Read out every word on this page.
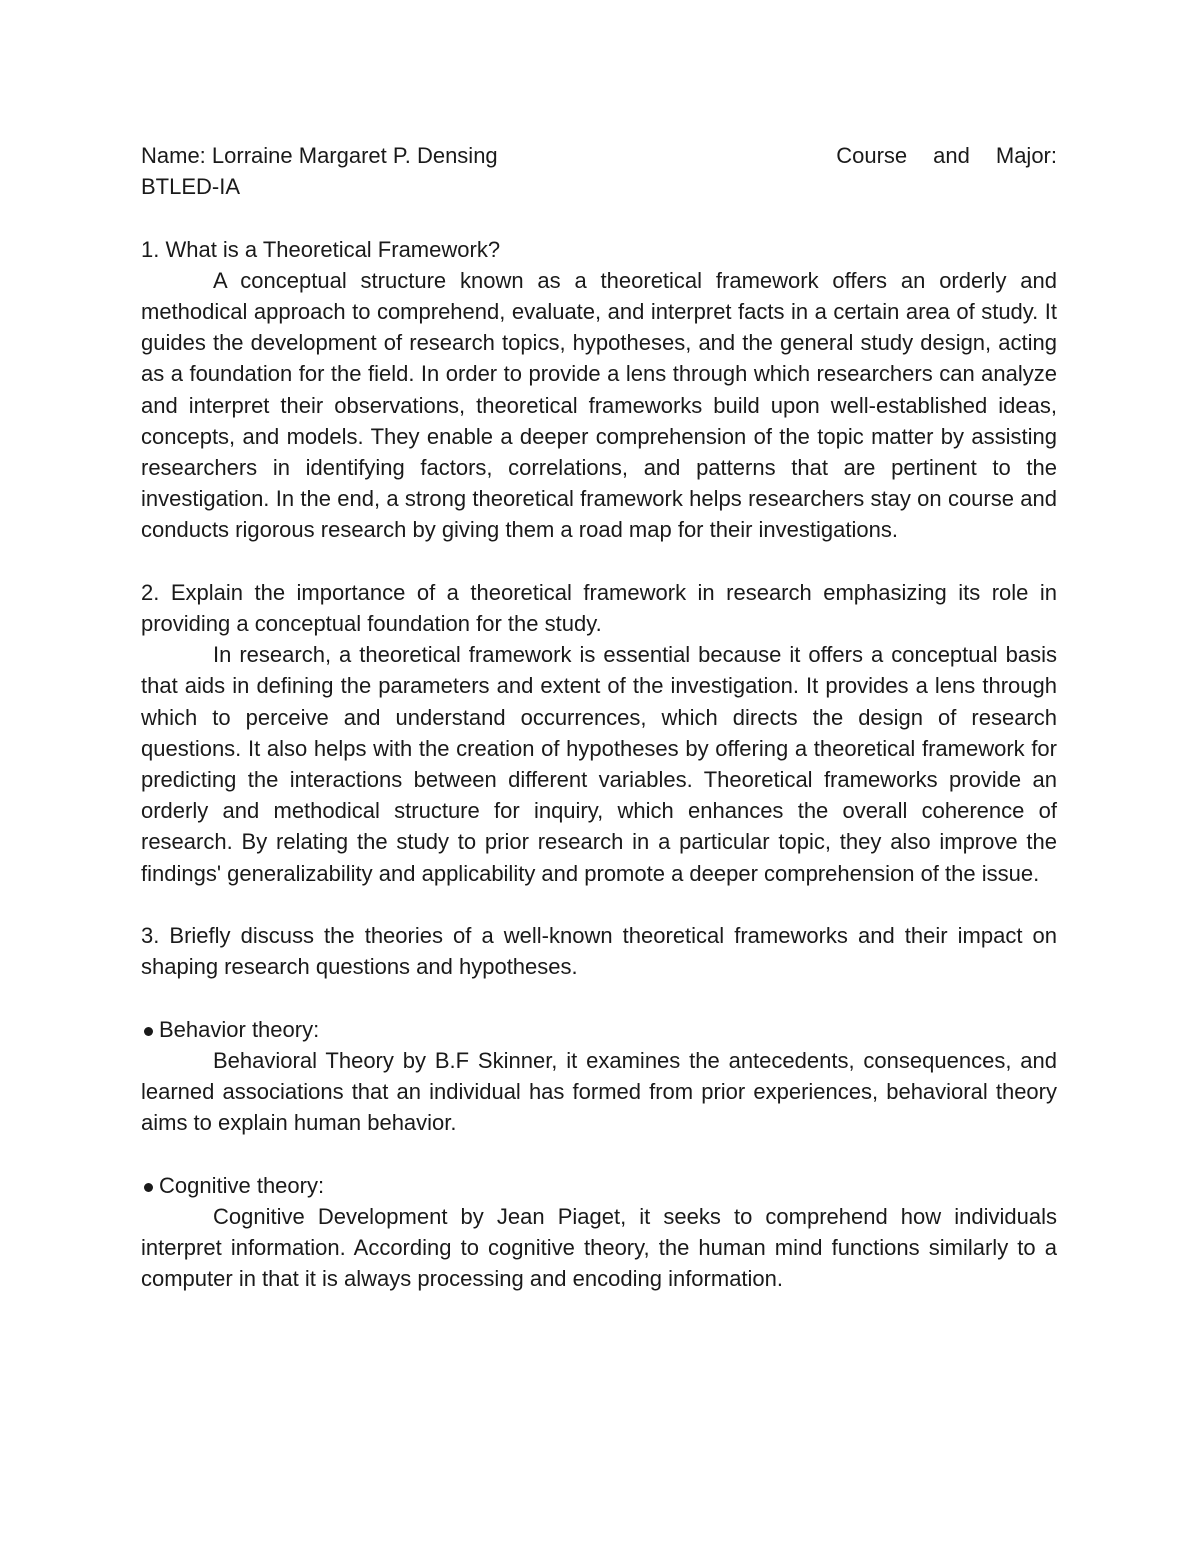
Name: Lorraine Margaret P. Densing	Course and Major:

BTLED-IA

1. What is a Theoretical Framework?

A conceptual structure known as a theoretical framework offers an orderly and methodical approach to comprehend, evaluate, and interpret facts in a certain area of study. It guides the development of research topics, hypotheses, and the general study design, acting as a foundation for the field. In order to provide a lens through which researchers can analyze and interpret their observations, theoretical frameworks build upon well-established ideas, concepts, and models. They enable a deeper comprehension of the topic matter by assisting researchers in identifying factors, correlations, and patterns that are pertinent to the investigation. In the end, a strong theoretical framework helps researchers stay on course and conducts rigorous research by giving them a road map for their investigations.

2. Explain the importance of a theoretical framework in research emphasizing its role in providing a conceptual foundation for the study.

In research, a theoretical framework is essential because it offers a conceptual basis that aids in defining the parameters and extent of the investigation. It provides a lens through which to perceive and understand occurrences, which directs the design of research questions. It also helps with the creation of hypotheses by offering a theoretical framework for predicting the interactions between different variables. Theoretical frameworks provide an orderly and methodical structure for inquiry, which enhances the overall coherence of research. By relating the study to prior research in a particular topic, they also improve the findings' generalizability and applicability and promote a deeper comprehension of the issue.

3. Briefly discuss the theories of a well-known theoretical frameworks and their impact on shaping research questions and hypotheses.

Behavior theory:

Behavioral Theory by B.F Skinner, it examines the antecedents, consequences, and learned associations that an individual has formed from prior experiences, behavioral theory aims to explain human behavior.

Cognitive theory:

Cognitive Development by Jean Piaget, it seeks to comprehend how individuals interpret information. According to cognitive theory, the human mind functions similarly to a computer in that it is always processing and encoding information.
